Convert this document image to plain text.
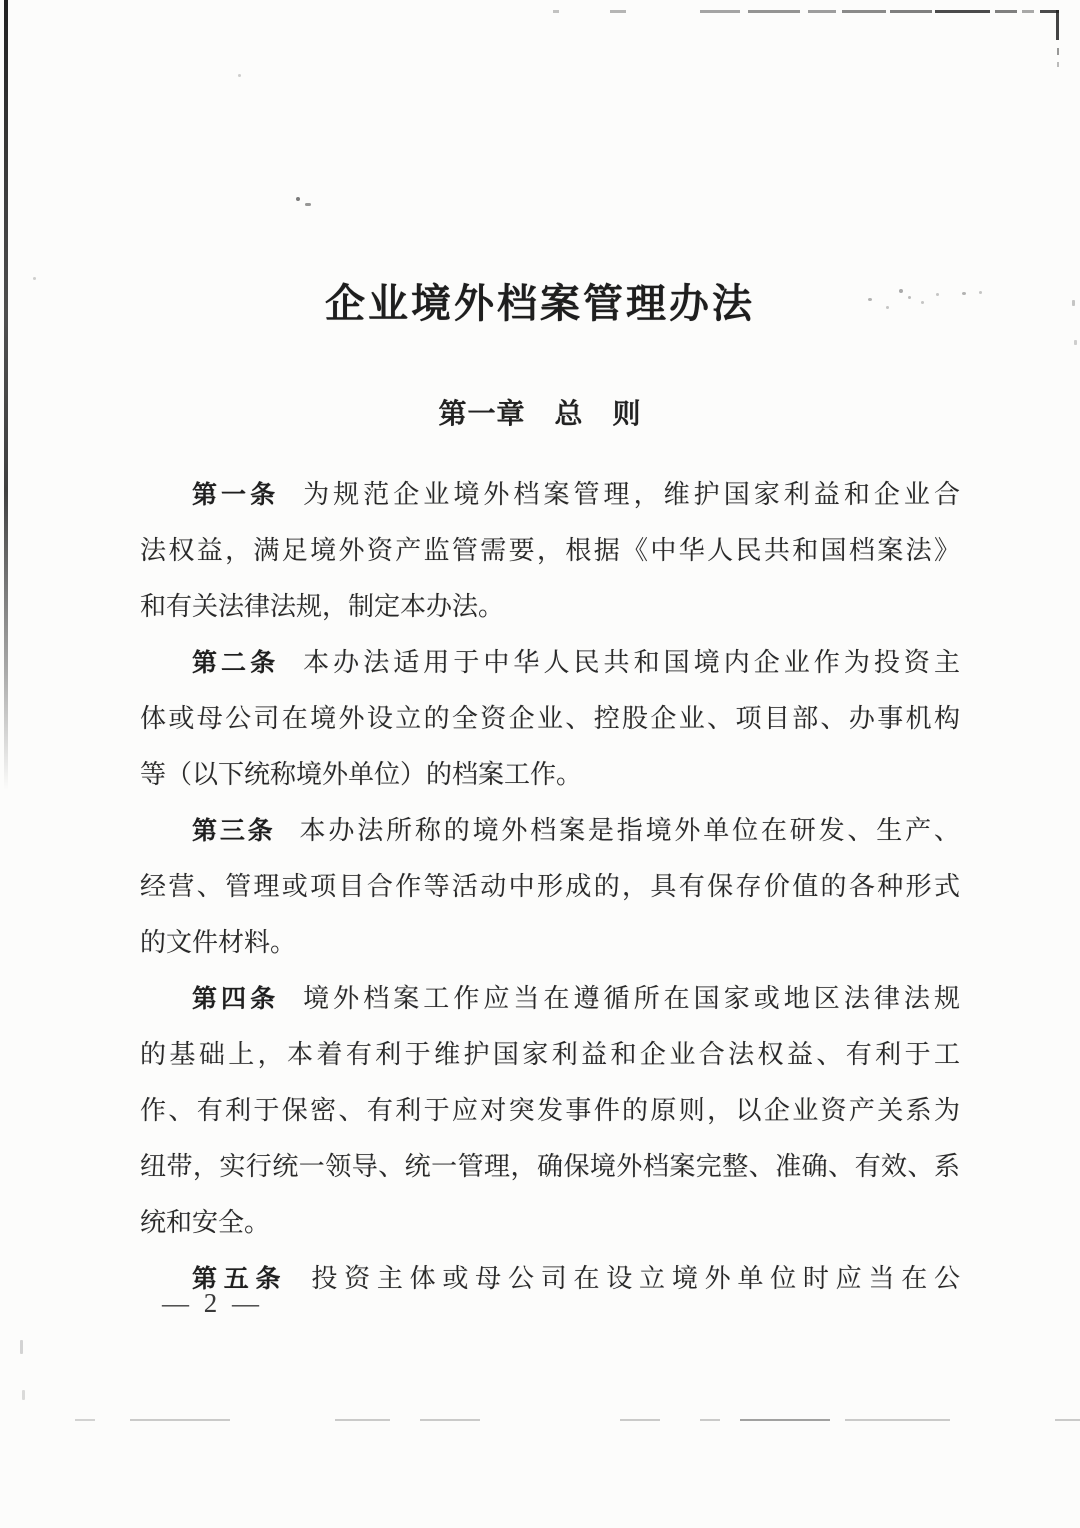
企业境外档案管理办法
第一章　总　则
第一条 为规范企业境外档案管理，维护国家利益和企业合
法权益，满足境外资产监管需要，根据《中华人民共和国档案法》
和有关法律法规，制定本办法。
第二条 本办法适用于中华人民共和国境内企业作为投资主
体或母公司在境外设立的全资企业、控股企业、项目部、办事机构
等（以下统称境外单位）的档案工作。
第三条 本办法所称的境外档案是指境外单位在研发、生产、
经营、管理或项目合作等活动中形成的，具有保存价值的各种形式
的文件材料。
第四条 境外档案工作应当在遵循所在国家或地区法律法规
的基础上，本着有利于维护国家利益和企业合法权益、有利于工
作、有利于保密、有利于应对突发事件的原则，以企业资产关系为
纽带，实行统一领导、统一管理，确保境外档案完整、准确、有效、系
统和安全。
第五条 投资主体或母公司在设立境外单位时应当在公
— 2 —
